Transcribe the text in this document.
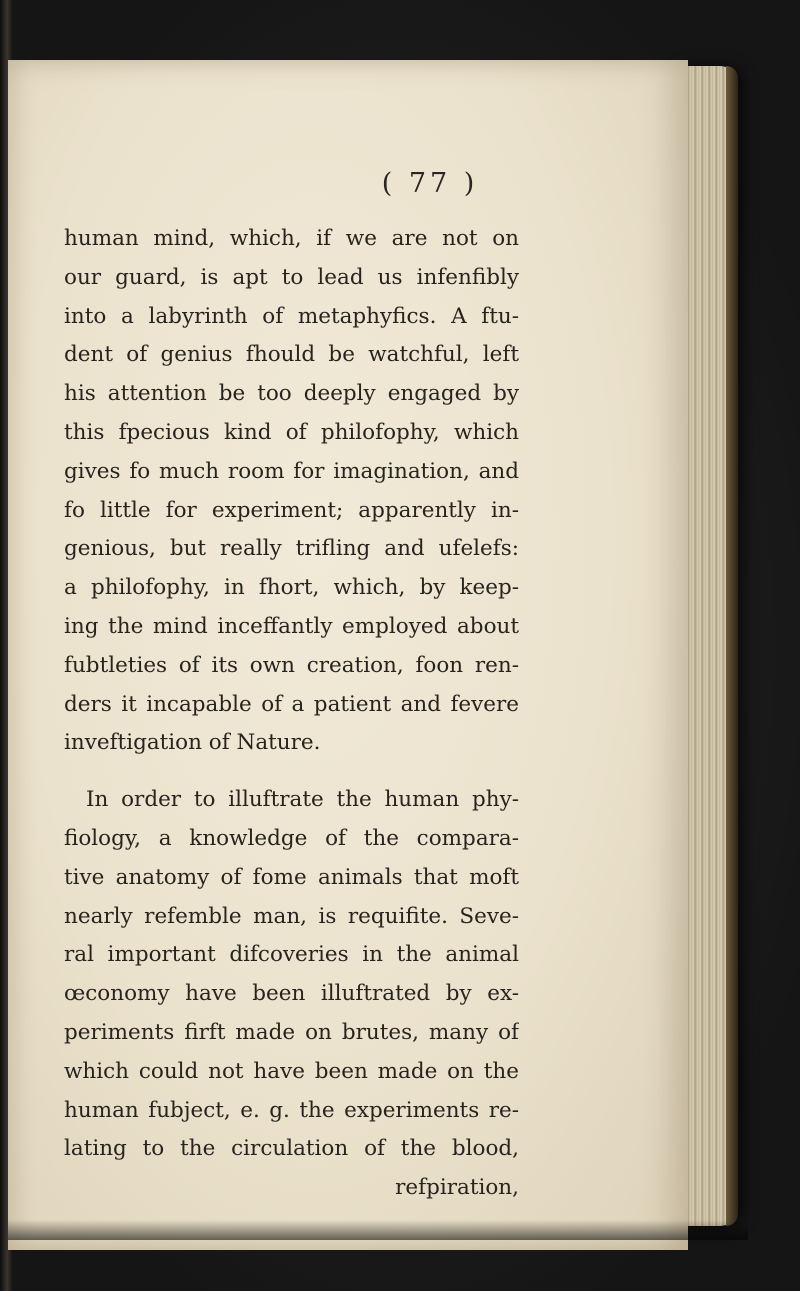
( 77 )
human mind, which, if we are not on
our guard, is apt to lead us infenfibly
into a labyrinth of metaphyfics. A ftu-
dent of genius fhould be watchful, left
his attention be too deeply engaged by
this fpecious kind of philofophy, which
gives fo much room for imagination, and
fo little for experiment; apparently in-
genious, but really trifling and ufelefs:
a philofophy, in fhort, which, by keep-
ing the mind inceffantly employed about
fubtleties of its own creation, foon ren-
ders it incapable of a patient and fevere
inveftigation of Nature.
In order to illuftrate the human phy-
fiology, a knowledge of the compara-
tive anatomy of fome animals that moft
nearly refemble man, is requifite. Seve-
ral important difcoveries in the animal
œconomy have been illuftrated by ex-
periments firft made on brutes, many of
which could not have been made on the
human fubject, e. g. the experiments re-
lating to the circulation of the blood,
refpiration,
